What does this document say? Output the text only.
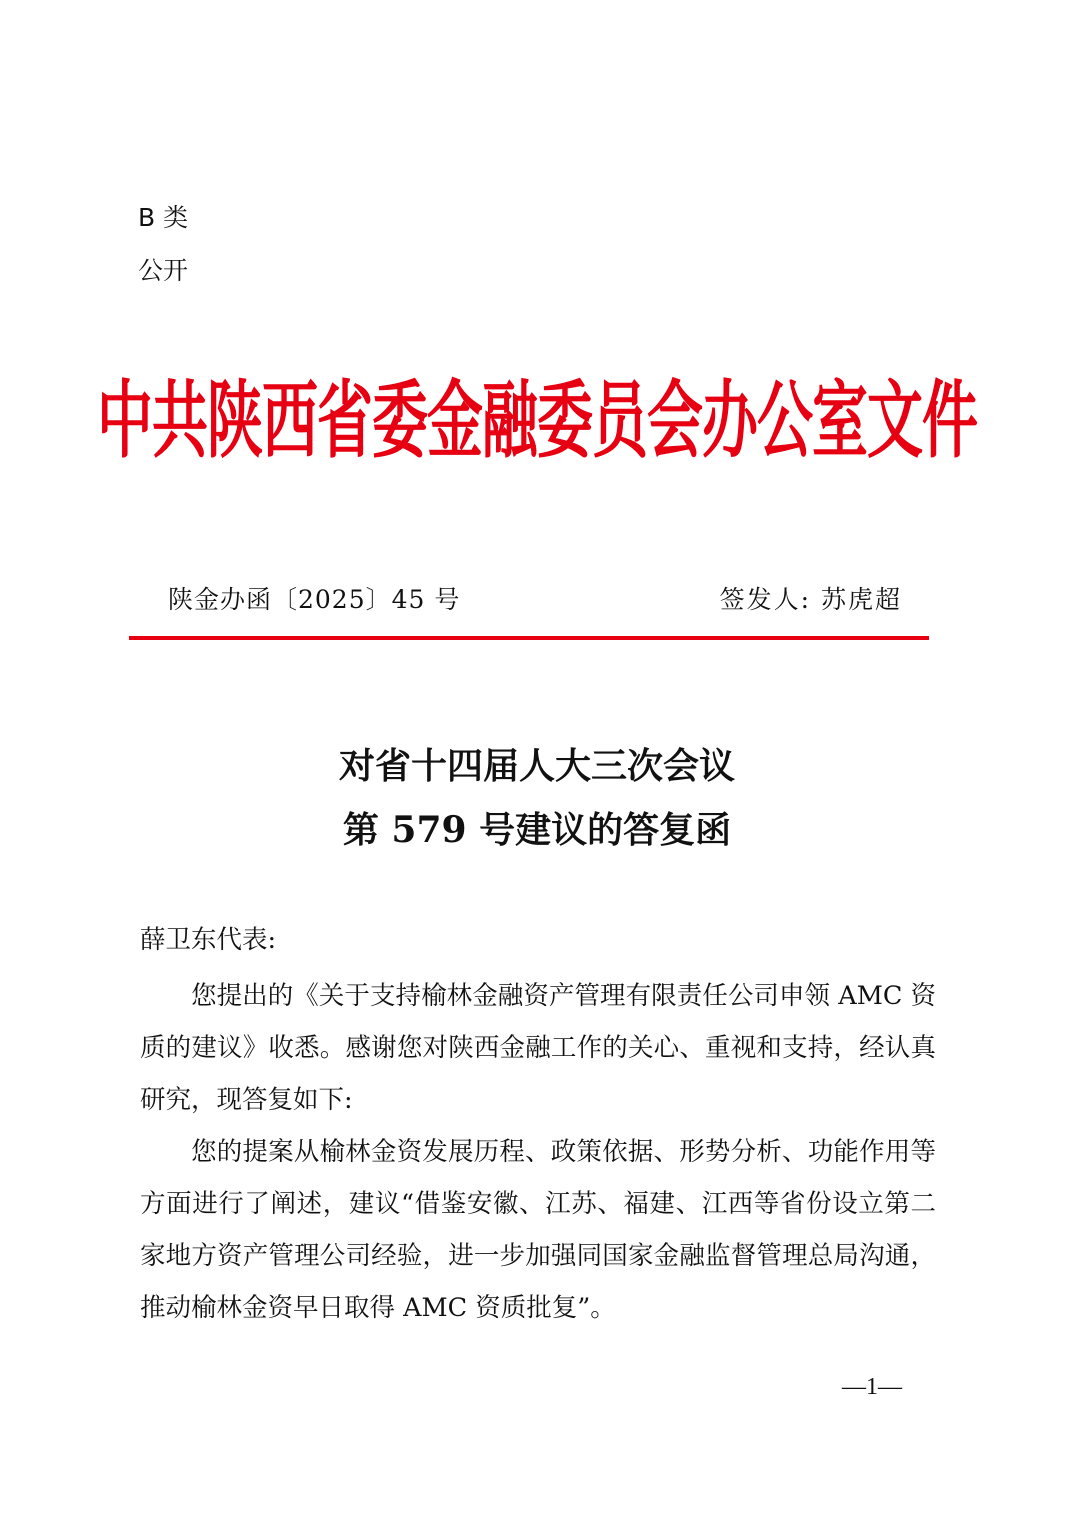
B 类
公开
中共陕西省委金融委员会办公室文件
陕金办函〔2025〕45 号	签发人: 苏虎超
对省十四届人大三次会议
第 579 号建议的答复函
薛卫东代表:

您提出的《关于支持榆林金融资产管理有限责任公司申领 AMC 资质的建议》收悉。感谢您对陕西金融工作的关心、重视和支持，经认真研究，现答复如下:

您的提案从榆林金资发展历程、政策依据、形势分析、功能作用等方面进行了阐述，建议“借鉴安徽、江苏、福建、江西等省份设立第二家地方资产管理公司经验，进一步加强同国家金融监督管理总局沟通，推动榆林金资早日取得 AMC 资质批复”。

—1—
